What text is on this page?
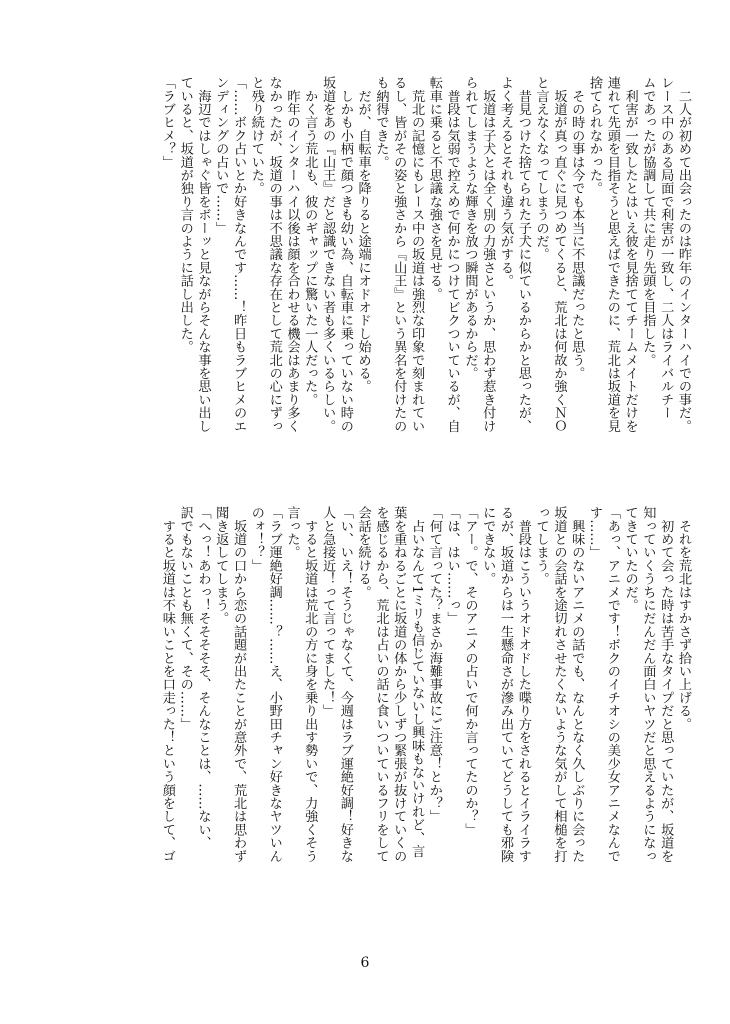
　二人が初めて出会ったのは昨年のインターハイでの事だ。
レース中のある局面で利害が一致し、二人はライバルチー
ムであったが協調して共に走り先頭を目指した。
　利害が一致したとはいえ彼を見捨ててチームメイトだけを
連れて先頭を目指そうと思えばできたのに、荒北は坂道を見
捨てられなかった。
　その時の事は今でも本当に不思議だったと思う。
　坂道が真っ直ぐに見つめてくると、荒北は何故か強くＮＯ
と言えなくなってしまうのだ。
　昔見つけた捨てられた子犬に似ているからかと思ったが、
よく考えるとそれも違う気がする。
　坂道は子犬とは全く別の力強さというか、思わず惹き付け
られてしまうような輝きを放つ瞬間があるからだ。
　普段は気弱で控えめで何かにつけてビクついているが、自
転車に乗ると不思議な強さを見せる。
　荒北の記憶にもレース中の坂道は強烈な印象で刻まれてい
るし、皆がその姿と強さから『山王』という異名を付けたの
も納得できた。
　だが、自転車を降りると途端にオドオドし始める。
　しかも小柄で顔つきも幼い為、自転車に乗っていない時の
坂道をあの『山王』だと認識できない者も多くいるらしい。
　かく言う荒北も、彼のギャップに驚いた一人だった。
　昨年のインターハイ以後は顔を合わせる機会はあまり多く
なかったが、坂道の事は不思議な存在として荒北の心にずっ
と残り続けていた。
「……ボク占いとか好きなんです……！昨日もラブヒメのエ
ンディングの占いで……」
　海辺ではしゃぐ皆をボーッと見ながらそんな事を思い出し
ていると、坂道が独り言のように話し出した。
「ラブヒメ？」
　それを荒北はすかさず拾い上げる。
　初めて会った時は苦手なタイプだと思っていたが、坂道を
知っていくうちにだんだん面白いヤツだと思えるようになっ
てきていたのだ。
「あっ、アニメです！ボクのイチオシの美少女アニメなんで
す……」
　興味のないアニメの話でも、なんとなく久しぶりに会った
坂道との会話を途切れさせたくないような気がして相槌を打
ってしまう。
　普段はこういうオドオドした喋り方をされるとイライラす
るが、坂道からは一生懸命さが滲み出ていてどうしても邪険
にできない。
「アー。で、そのアニメの占いで何か言ってたのか？」
「は、はい……っ」
「何て言ってた？まさか海難事故にご注意！とか？」
　占いなんて1ミリも信じていないし興味もないけれど、言
葉を重ねるごとに坂道の体から少しずつ緊張が抜けていくの
を感じるから、荒北は占いの話に食いついているフリをして
会話を続ける。
「い、いえ！そうじゃなくて、今週はラブ運絶好調！好きな
人と急接近！って言ってました！」
　すると坂道は荒北の方に身を乗り出す勢いで、力強くそう
言った。
「ラブ運絶好調……？……え、小野田チャン好きなヤツいん
のォ！？」
　坂道の口から恋の話題が出たことが意外で、荒北は思わず
聞き返してしまう。
「へっ！あわっ！そそそそそ、そんなことは、……ない、
訳でもないことも無くて、その……」
　すると坂道は不味いことを口走った！という顔をして、ゴ
6
